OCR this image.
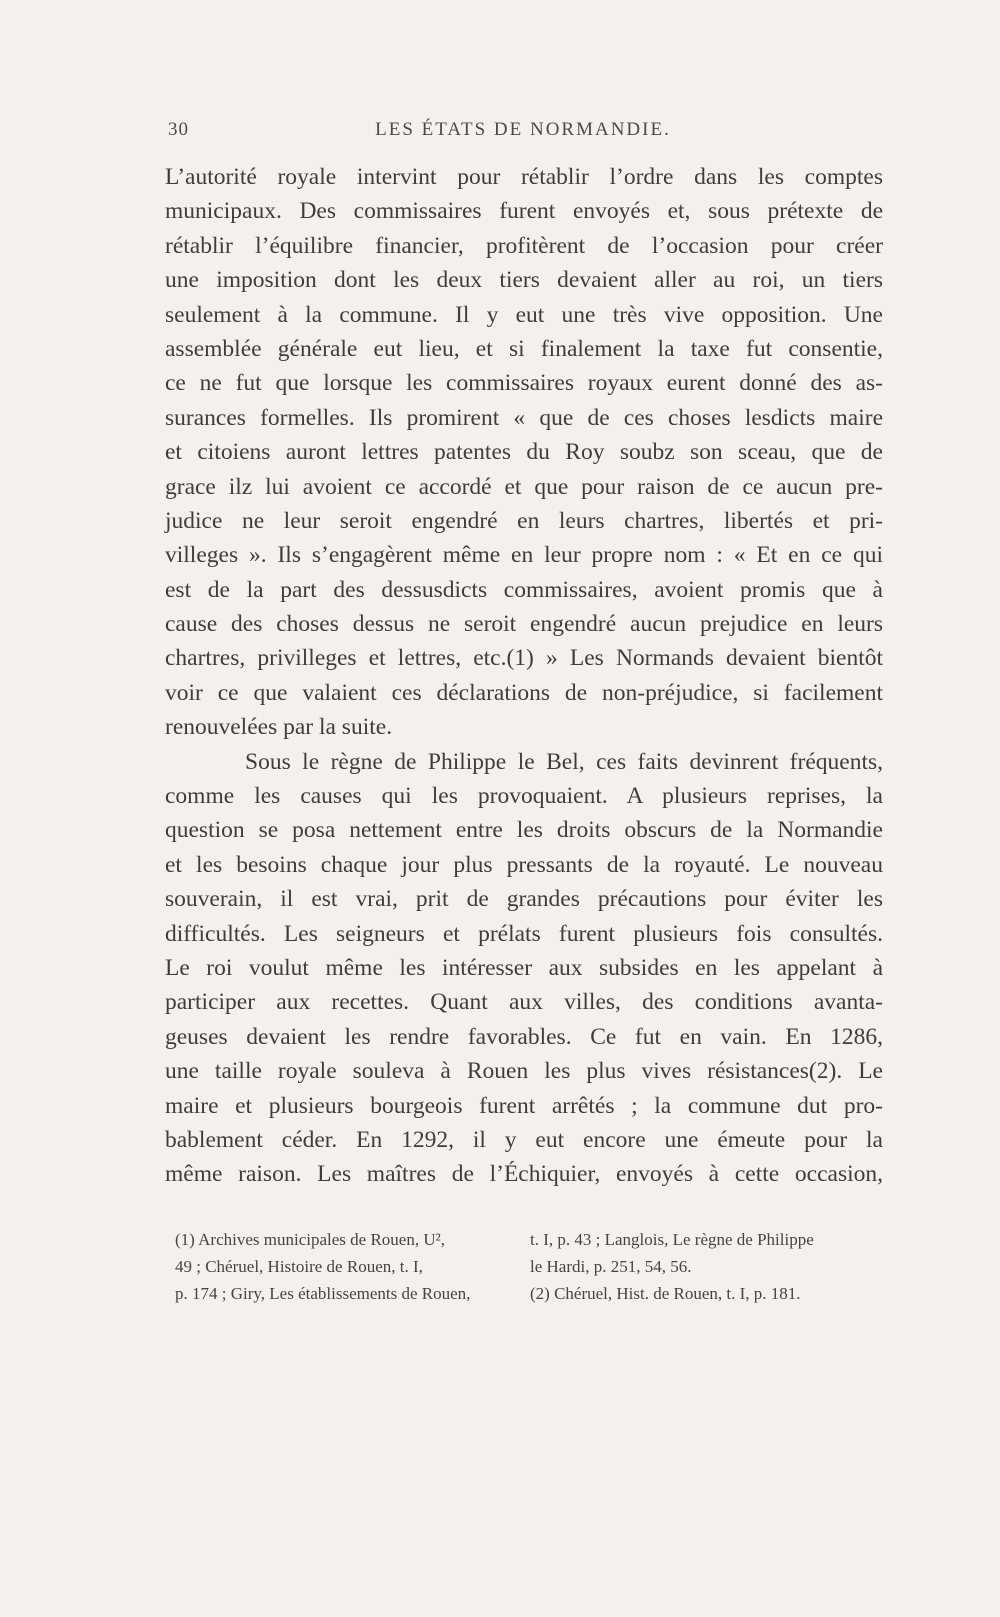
30	LES ÉTATS DE NORMANDIE.
L’autorité royale intervint pour rétablir l’ordre dans les comptes
municipaux. Des commissaires furent envoyés et, sous prétexte de
rétablir l’équilibre financier, profitèrent de l’occasion pour créer
une imposition dont les deux tiers devaient aller au roi, un tiers
seulement à la commune. Il y eut une très vive opposition. Une
assemblée générale eut lieu, et si finalement la taxe fut consentie,
ce ne fut que lorsque les commissaires royaux eurent donné des as-
surances formelles. Ils promirent « que de ces choses lesdicts maire
et citoiens auront lettres patentes du Roy soubz son sceau, que de
grace ilz lui avoient ce accordé et que pour raison de ce aucun pre-
judice ne leur seroit engendré en leurs chartres, libertés et pri-
villeges ». Ils s’engagèrent même en leur propre nom : « Et en ce qui
est de la part des dessusdicts commissaires, avoient promis que à
cause des choses dessus ne seroit engendré aucun prejudice en leurs
chartres, privilleges et lettres, etc.(1) » Les Normands devaient bientôt
voir ce que valaient ces déclarations de non-préjudice, si facilement
renouvelées par la suite.
Sous le règne de Philippe le Bel, ces faits devinrent fréquents,
comme les causes qui les provoquaient. A plusieurs reprises, la
question se posa nettement entre les droits obscurs de la Normandie
et les besoins chaque jour plus pressants de la royauté. Le nouveau
souverain, il est vrai, prit de grandes précautions pour éviter les
difficultés. Les seigneurs et prélats furent plusieurs fois consultés.
Le roi voulut même les intéresser aux subsides en les appelant à
participer aux recettes. Quant aux villes, des conditions avanta-
geuses devaient les rendre favorables. Ce fut en vain. En 1286,
une taille royale souleva à Rouen les plus vives résistances(2). Le
maire et plusieurs bourgeois furent arrêtés ; la commune dut pro-
bablement céder. En 1292, il y eut encore une émeute pour la
même raison. Les maîtres de l’Échiquier, envoyés à cette occasion,
(1) Archives municipales de Rouen, U²,
49 ; Chéruel, Histoire de Rouen, t. I,
p. 174 ; Giry, Les établissements de Rouen,
t. I, p. 43 ; Langlois, Le règne de Philippe
le Hardi, p. 251, 54, 56.
(2) Chéruel, Hist. de Rouen, t. I, p. 181.
